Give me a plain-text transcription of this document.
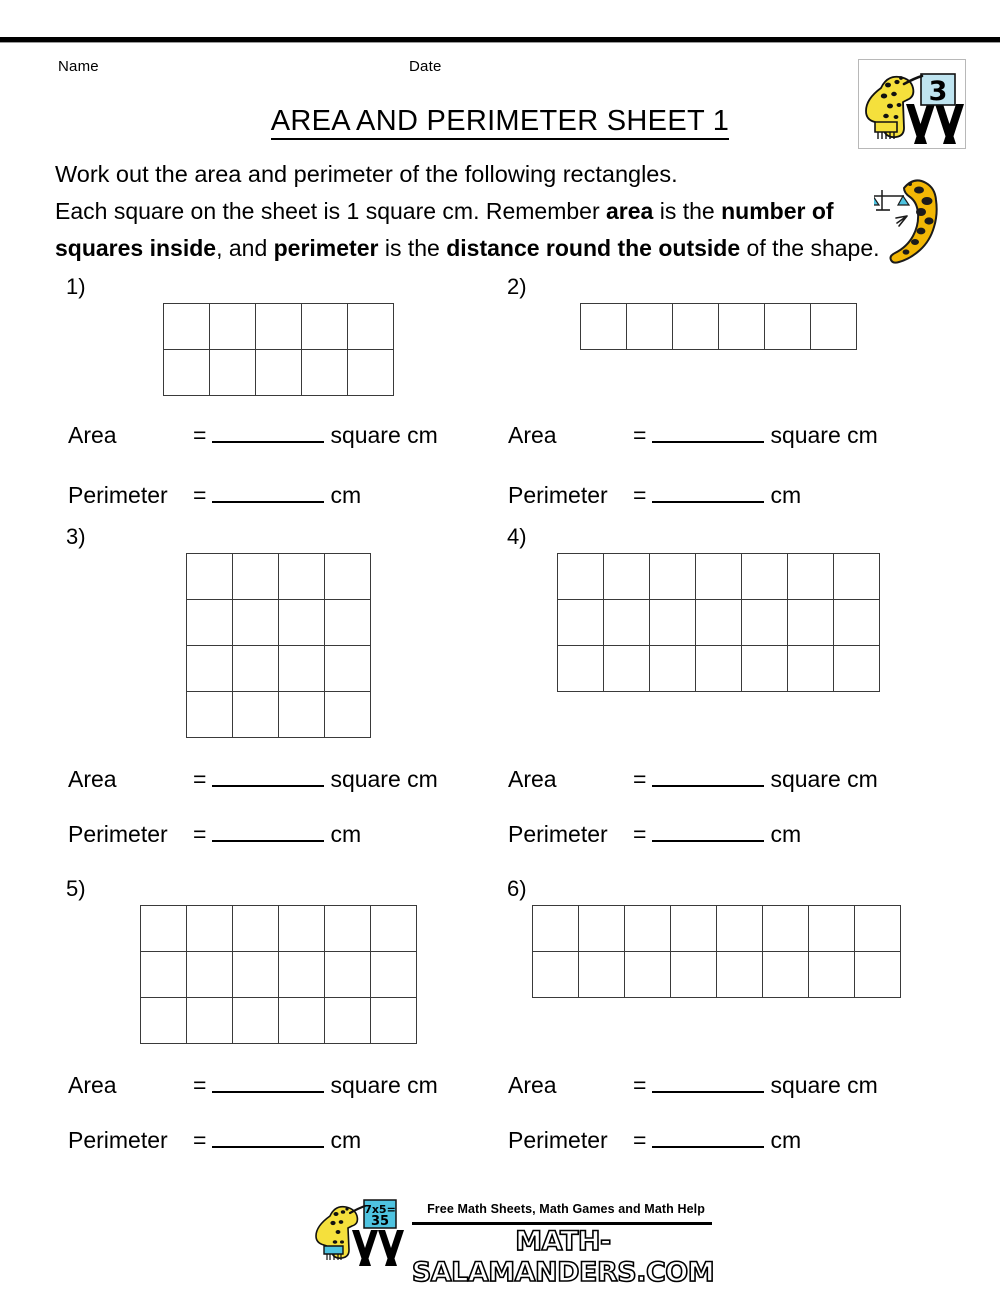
Name	Date
3
AREA AND PERIMETER SHEET 1
Work out the area and perimeter of the following rectangles.
Each square on the sheet is 1 square cm. Remember area is the number of
squares inside, and perimeter is the distance round the outside of the shape.
1)
Area	=	square cm
Perimeter =	cm
2)
Area	=	square cm
Perimeter =	cm
3)
Area	=	square cm
Perimeter =	cm
4)
Area	=	square cm
Perimeter =	cm
5)
Area	=	square cm
Perimeter =	cm
6)
Area	=	square cm
Perimeter =	cm
7x5=
35
Free Math Sheets, Math Games and Math Help
MATH-SALAMANDERS.COM
